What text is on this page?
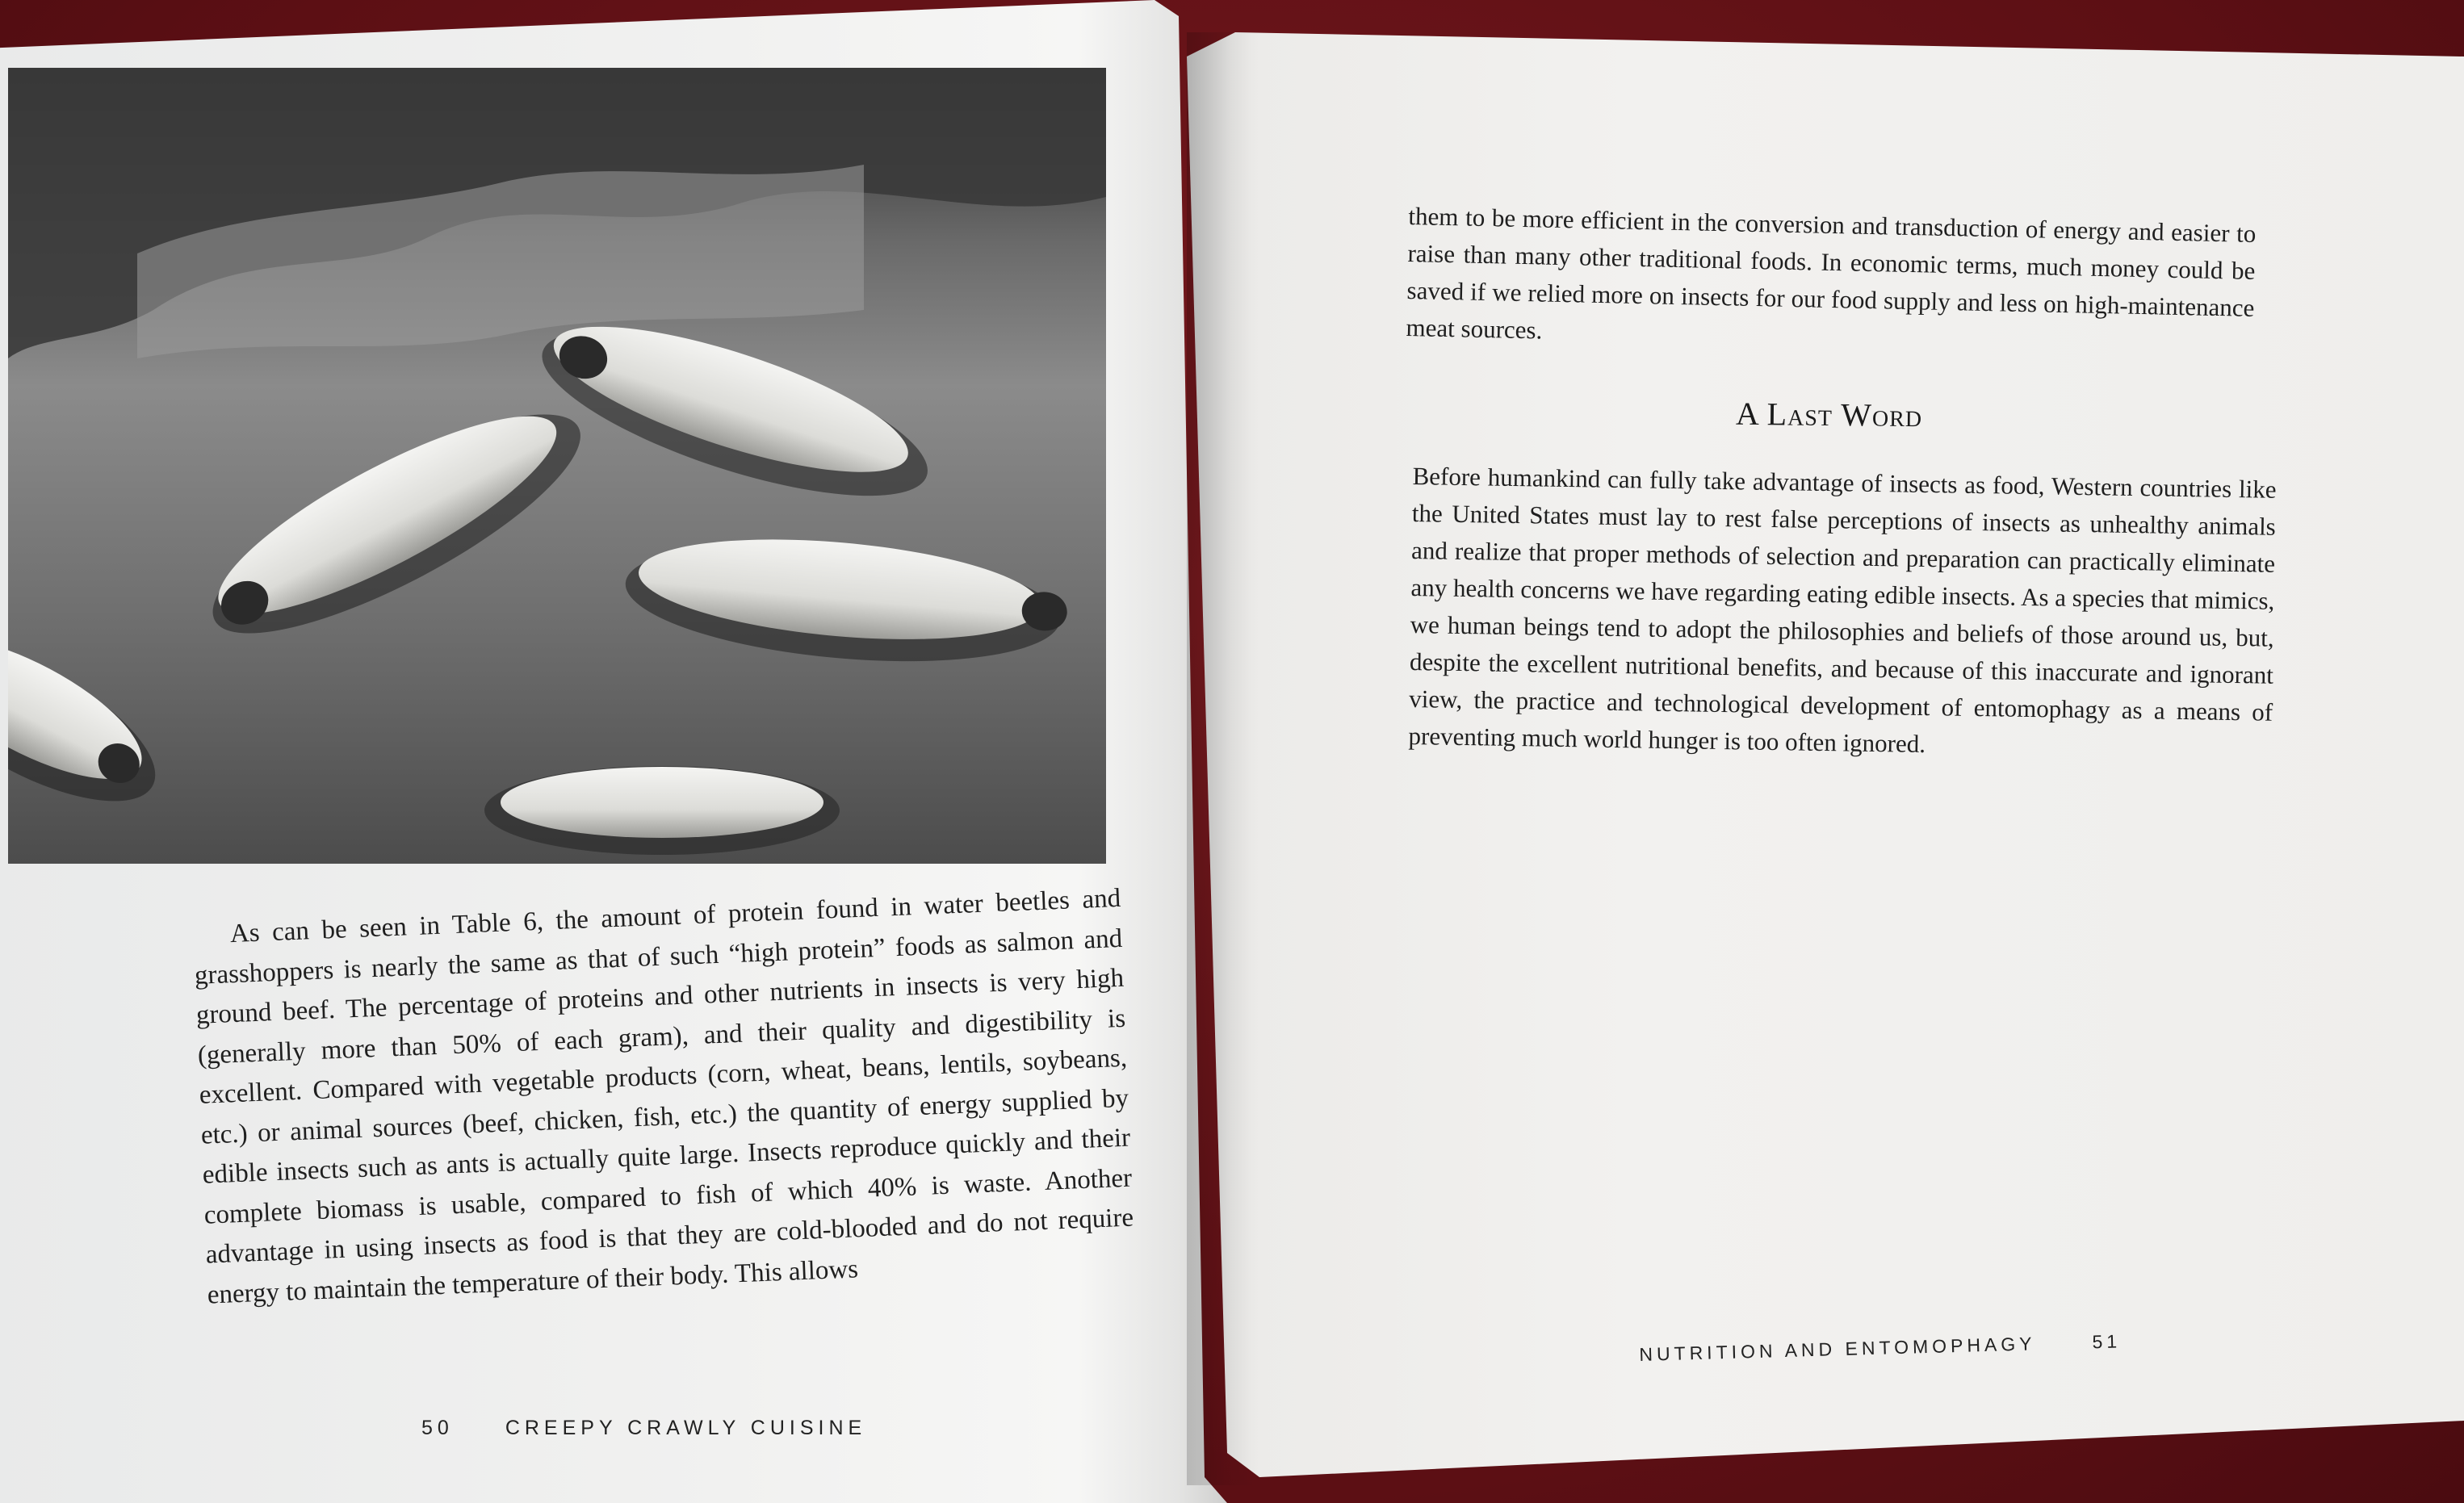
As can be seen in Table 6, the amount of protein found in water beetles and grasshoppers is nearly the same as that of such “high protein” foods as salmon and ground beef. The percentage of proteins and other nutrients in insects is very high (generally more than 50% of each gram), and their quality and digestibility is excellent. Compared with vegetable products (corn, wheat, beans, lentils, soybeans, etc.) or animal sources (beef, chicken, fish, etc.) the quantity of energy supplied by edible insects such as ants is actually quite large. Insects reproduce quickly and their complete biomass is usable, compared to fish of which 40% is waste. Another advantage in using insects as food is that they are cold-blooded and do not require energy to maintain the temperature of their body. This allows
50	CREEPY CRAWLY CUISINE
them to be more efficient in the conversion and transduction of energy and easier to raise than many other traditional foods. In economic terms, much money could be saved if we relied more on insects for our food supply and less on high-maintenance meat sources.
A Last Word
Before humankind can fully take advantage of insects as food, Western countries like the United States must lay to rest false perceptions of insects as unhealthy animals and realize that proper methods of selection and preparation can practically eliminate any health concerns we have regarding eating edible insects. As a species that mimics, we human beings tend to adopt the philosophies and beliefs of those around us, but, despite the excellent nutritional benefits, and because of this inaccurate and ignorant view, the practice and technological development of entomophagy as a means of preventing much world hunger is too often ignored.
NUTRITION AND ENTOMOPHAGY	51
